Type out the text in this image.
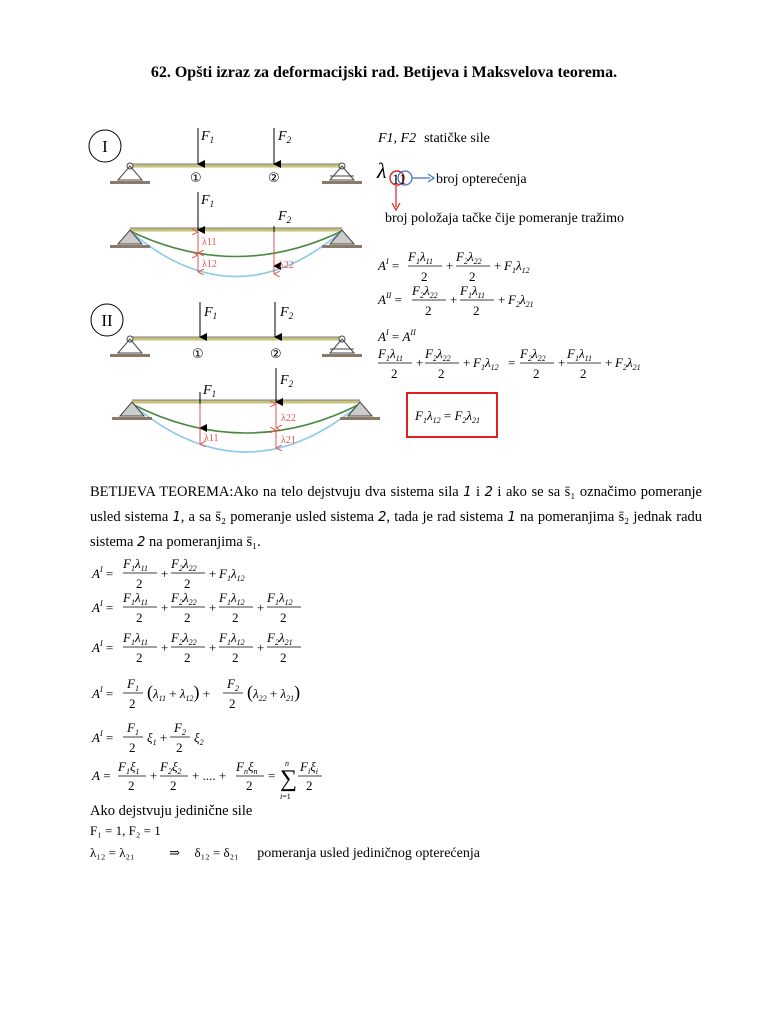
62. Opšti izraz za deformacijski rad. Betijeva i Maksvelova teorema.
I
$F_1$	$F_2$
①	②
$F_1$
$F_2$
λ11
λ12	λ22
II	$F_1$	$F_2$
①	②
$F_1$
$F_2$
λ11
λ22
λ21
F1, F2 statičke sile
λ 11 broj opterećenja
broj položaja tačke čije pomeranje tražimo
$A^I$ =
$F_1\lambda_{11}$
2
+
$F_2\lambda_{22}$
2
+ $F_1\lambda_{12}$
$A^{II}$ =
$F_2\lambda_{22}$
2
+
$F_1\lambda_{11}$
2
+ $F_2\lambda_{21}$
$A^I = A^{II}$
$F_1\lambda_{11}$
2
+
$F_2\lambda_{22}$
2
+ $F_1\lambda_{12}$ =
$F_2\lambda_{22}$
2
+
$F_1\lambda_{11}$
2
+ $F_2\lambda_{21}$
$F_1\lambda_{12} = F_2\lambda_{21}$
BETIJEVA TEOREMA:Ako na telo dejstvuju dva sistema sila 1 i 2 i ako se sa s̄₁ označimo pomeranje usled sistema 1, a sa s̄₂ pomeranje usled sistema 2, tada je rad sistema 1 na pomeranjima s̄₂ jednak radu sistema 2 na pomeranjima s̄₁.
$A^I$ =
$F_1\lambda_{11}$
2
+
$F_2\lambda_{22}$
2
+ $F_1\lambda_{12}$
$A^I$ =
$F_1\lambda_{11}$
2
+
$F_2\lambda_{22}$
2
+
$F_1\lambda_{12}$
2
+
$F_1\lambda_{12}$
2
$A^I$ =
$F_1\lambda_{11}$
2
+
$F_2\lambda_{22}$
2
+
$F_1\lambda_{12}$
2
+
$F_2\lambda_{21}$
2
$A^I$ =
$F_1$
2
$(\lambda_{11} + \lambda_{12})$ +
$F_2$
2
$(\lambda_{22} + \lambda_{21})$
$A^I$ =
$F_1$
2
$\xi_1$ +
$F_2$
2
$\xi_2$
A =
$F_1\xi_1$
2
+
$F_2\xi_2$
2
+ .... +
$F_n\xi_n$
2
= ∑
n
i=1
$F_i\xi_i$
2
Ako dejstvuju jedinične sile
F₁ = 1, F₂ = 1
λ₁₂ = λ₂₁	⇒ δ₁₂ = δ₂₁ pomeranja usled jediničnog opterećenja
